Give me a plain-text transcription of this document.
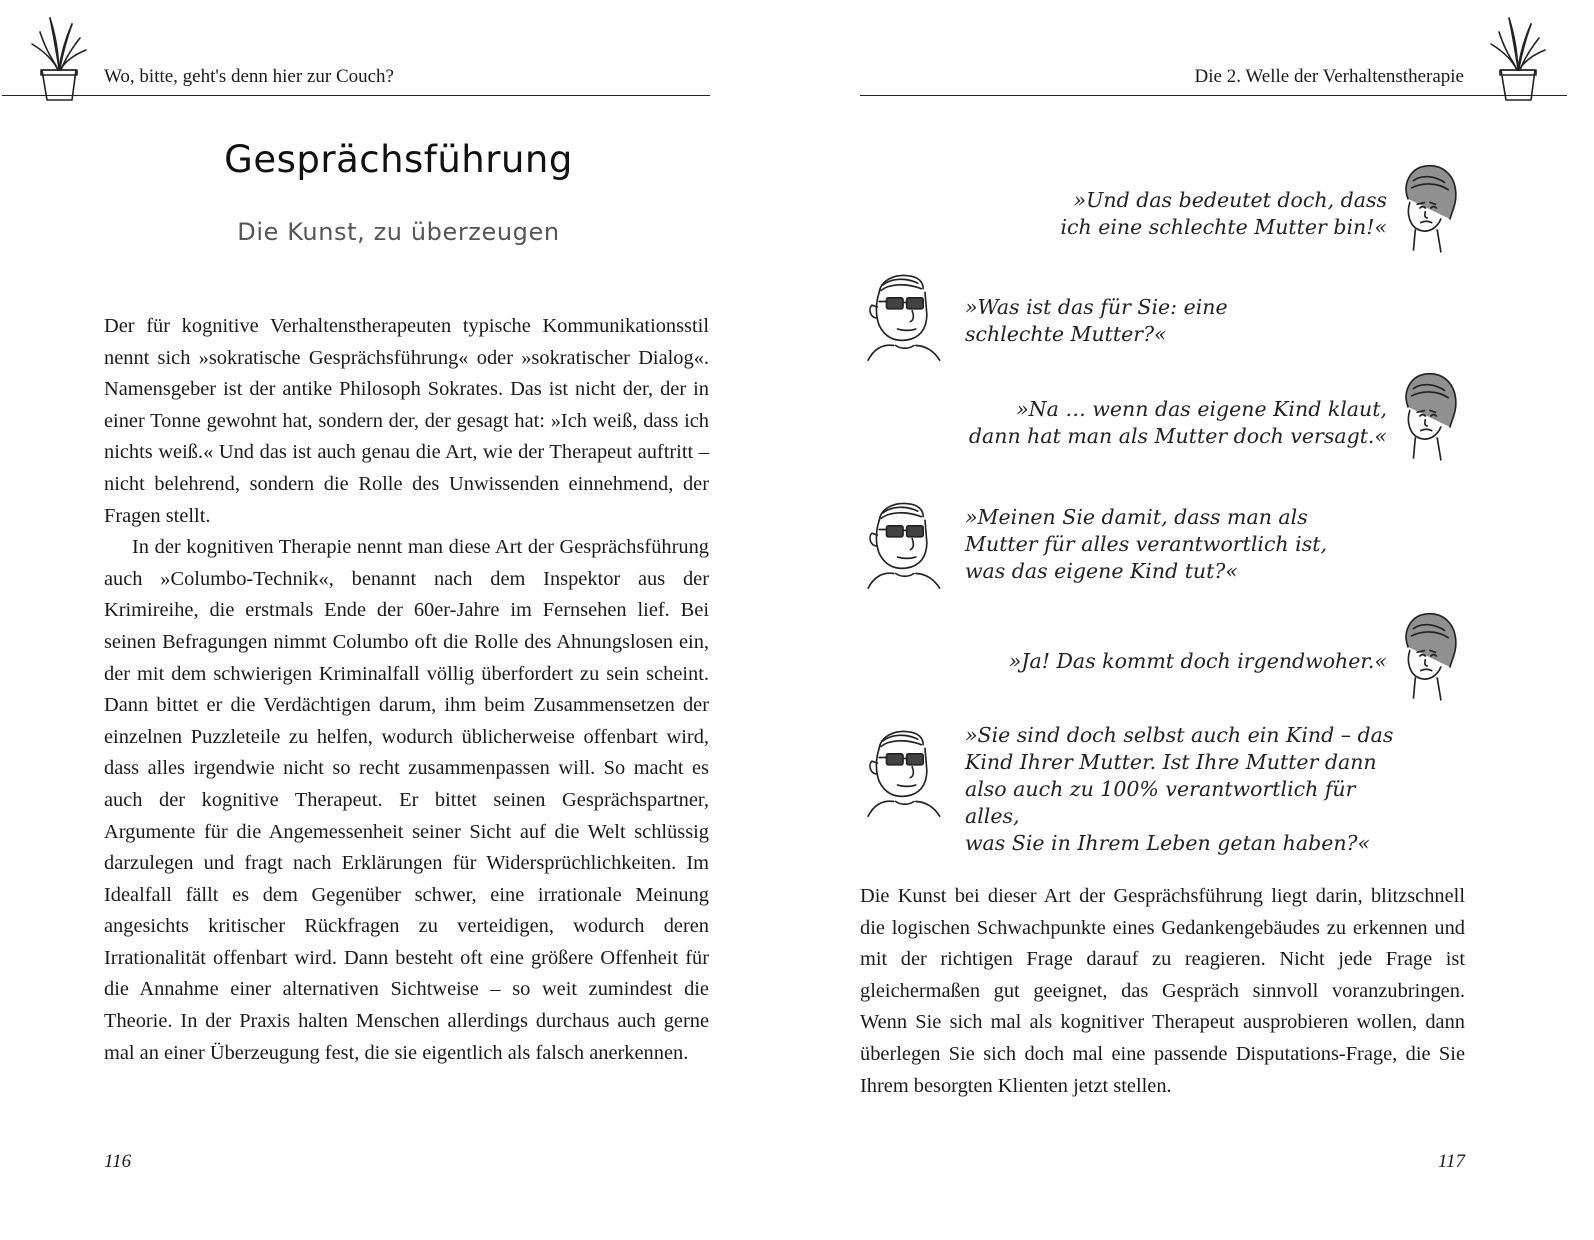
Wo, bitte, geht's denn hier zur Couch?
Gesprächsführung
Die Kunst, zu überzeugen

Der für kognitive Verhaltenstherapeuten typische Kommunikationsstil nennt sich »sokratische Gesprächsführung« oder »sokratischer Dialog«. Namensgeber ist der antike Philosoph Sokrates. Das ist nicht der, der in einer Tonne gewohnt hat, sondern der, der gesagt hat: »Ich weiß, dass ich nichts weiß.« Und das ist auch genau die Art, wie der Therapeut auftritt – nicht belehrend, sondern die Rolle des Unwissenden einnehmend, der Fragen stellt.

In der kognitiven Therapie nennt man diese Art der Gesprächsführung auch »Columbo-Technik«, benannt nach dem Inspektor aus der Krimireihe, die erstmals Ende der 60er-Jahre im Fernsehen lief. Bei seinen Befragungen nimmt Columbo oft die Rolle des Ahnungslosen ein, der mit dem schwierigen Kriminalfall völlig überfordert zu sein scheint. Dann bittet er die Verdächtigen darum, ihm beim Zusammensetzen der einzelnen Puzzleteile zu helfen, wodurch üblicherweise offenbart wird, dass alles irgendwie nicht so recht zusammenpassen will. So macht es auch der kognitive Therapeut. Er bittet seinen Gesprächspartner, Argumente für die Angemessenheit seiner Sicht auf die Welt schlüssig darzulegen und fragt nach Erklärungen für Widersprüchlichkeiten. Im Idealfall fällt es dem Gegenüber schwer, eine irrationale Meinung angesichts kritischer Rückfragen zu verteidigen, wodurch deren Irrationalität offenbart wird. Dann besteht oft eine größere Offenheit für die Annahme einer alternativen Sichtweise – so weit zumindest die Theorie. In der Praxis halten Menschen allerdings durchaus auch gerne mal an einer Überzeugung fest, die sie eigentlich als falsch anerkennen.

116
Die 2. Welle der Verhaltenstherapie
»Und das bedeutet doch, dass
ich eine schlechte Mutter bin!«
»Was ist das für Sie: eine
schlechte Mutter?«
»Na … wenn das eigene Kind klaut,
dann hat man als Mutter doch versagt.«
»Meinen Sie damit, dass man als
Mutter für alles verantwortlich ist,
was das eigene Kind tut?«
»Ja! Das kommt doch irgendwoher.«
»Sie sind doch selbst auch ein Kind – das
Kind Ihrer Mutter. Ist Ihre Mutter dann
also auch zu 100% verantwortlich für alles,
was Sie in Ihrem Leben getan haben?«

Die Kunst bei dieser Art der Gesprächsführung liegt darin, blitzschnell die logischen Schwachpunkte eines Gedankengebäudes zu erkennen und mit der richtigen Frage darauf zu reagieren. Nicht jede Frage ist gleichermaßen gut geeignet, das Gespräch sinnvoll voranzubringen. Wenn Sie sich mal als kognitiver Therapeut ausprobieren wollen, dann überlegen Sie sich doch mal eine passende Disputations-Frage, die Sie Ihrem besorgten Klienten jetzt stellen.

117
